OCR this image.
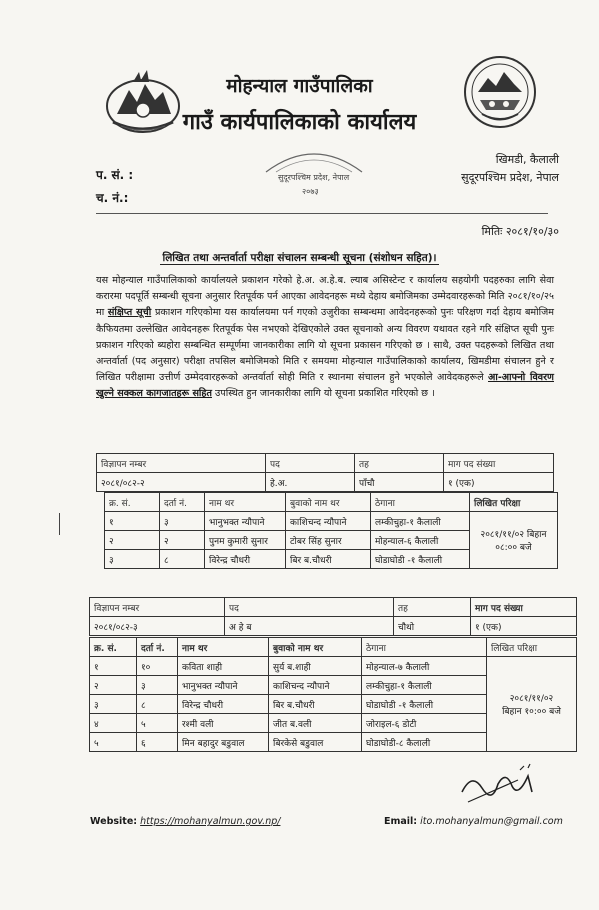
मोहन्याल गाउँपालिका
गाउँ कार्यपालिकाको कार्यालय
खिमडी, कैलाली
सुदूरपश्चिम प्रदेश, नेपाल
प. सं. :
च. नं.:
सुदूरपश्चिम प्रदेश, नेपाल
२०७३
मितिः २०८१/१०/३०
लिखित तथा अन्तर्वार्ता परीक्षा संचालन सम्बन्धी सूचना (संशोधन सहित)।
यस मोहन्याल गाउँपालिकाको कार्यालयले प्रकाशन गरेको हे.अ. अ.हे.ब. ल्याब असिस्टेन्ट र कार्यालय सहयोगी पदहरुका लागि सेवा करारमा पदपूर्ति सम्बन्धी सूचना अनुसार रितपूर्वक पर्न आएका आवेदनहरू मध्ये देहाय बमोजिमका उम्मेदवारहरूको मिति २०८१/१०/२५ मा संक्षिप्त सूची प्रकाशन गरिएकोमा यस कार्यालयमा पर्न गएको उजुरीका सम्बन्धमा आवेदनहरूको पुनः परिक्षण गर्दा देहाय बमोजिम कैफियतमा उल्लेखित आवेदनहरू रितपूर्वक पेस नभएको देखिएकोले उक्त सूचनाको अन्य विवरण यथावत रहने गरि संक्षिप्त सूची पुनः प्रकाशन गरिएको ब्यहोरा सम्बन्धित सम्पूर्णमा जानकारीका लागि यो सूचना प्रकासन गरिएको छ । साथै, उक्त पदहरूको लिखित तथा अन्तर्वार्ता (पद अनुसार) परीक्षा तपसिल बमोजिमको मिति र समयमा मोहन्याल गाउँपालिकाको कार्यालय, खिमडीमा संचालन हुने र लिखित परीक्षामा उत्तीर्ण उम्मेदवारहरूको अन्तर्वार्ता सोही मिति र स्थानमा संचालन हुने भएकोले आवेदकहरूले आ-आफ्नो विवरण खुल्ने सक्कल कागजातहरू सहित उपस्थित हुन जानकारीका लागि यो सूचना प्रकाशित गरिएको छ ।
विज्ञापन नम्बर	पद	तह	माग पद संख्या
२०८१/०८२-२	हे.अ.	पाँचौ	१ (एक)
क्र. सं.	दर्ता नं.	नाम थर	बुवाको नाम थर	ठेगाना	लिखित परिक्षा
१	३	भानुभक्त न्यौपाने	काशिचन्द न्यौपाने	लम्कीचुहा-१ कैलाली	२०८१/११/०२ बिहान
०८:०० बजे

२	२	पुनम कुमारी सुनार	टोबर सिंह सुनार	मोहन्याल-६ कैलाली	
३	८	विरेन्द्र चौधरी	बिर ब.चौधरी	घोडाघोडी -१ कैलाली	
विज्ञापन नम्बर	पद	तह	माग पद संख्या
२०८१/०८२-३	अ हे ब	चौथो	१ (एक)
क्र. सं.	दर्ता नं.	नाम थर	बुवाको नाम थर	ठेगाना	लिखित परिक्षा
१	१०	कविता शाही	सुर्य ब.शाही	मोहन्याल-७ कैलाली	२०८१/११/०२
बिहान १०:०० बजे

२	३	भानुभक्त न्यौपाने	काशिचन्द न्यौपाने	लम्कीचुहा-१ कैलाली	
३	८	विरेन्द्र चौधरी	बिर ब.चौधरी	घोडाघोडी -१ कैलाली	
४	५	रश्मी वली	जीत ब.वली	जोराइल-६ डोटी	
५	६	मिन बहादुर बडुवाल	बिरकेसे बडुवाल	घोडाघोडी-८ कैलाली	
Website: https://mohanyalmun.gov.np/	Email: ito.mohanyalmun@gmail.com
